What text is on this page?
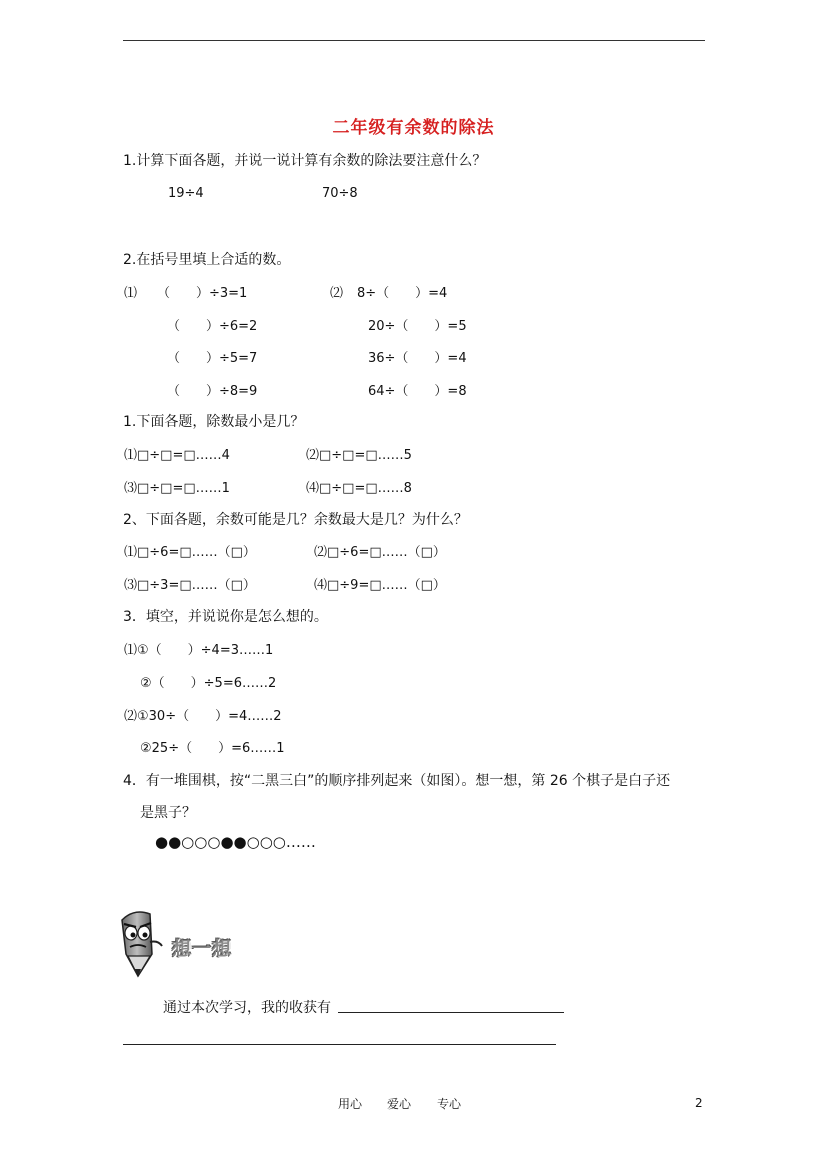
二年级有余数的除法
1.计算下面各题，并说一说计算有余数的除法要注意什么？
19÷4	70÷8
2.在括号里填上合适的数。
⑴ （　　）÷3=1	⑵ 8÷（　　）=4
（　　）÷6=2	20÷（　　）=5
（　　）÷5=7	36÷（　　）=4
（　　）÷8=9	64÷（　　）=8
1.下面各题，除数最小是几？
⑴□÷□=□……4	⑵□÷□=□……5
⑶□÷□=□……1	⑷□÷□=□……8
2、下面各题，余数可能是几？余数最大是几？为什么？
⑴□÷6=□……（□）	⑵□÷6=□……（□）
⑶□÷3=□……（□）	⑷□÷9=□……（□）
3．填空，并说说你是怎么想的。
⑴①（　　）÷4=3……1
②（　　）÷5=6……2
⑵①30÷（　　）=4……2
②25÷（　　）=6……1
4．有一堆围棋，按“二黑三白”的顺序排列起来（如图）。想一想，第 26 个棋子是白子还
是黑子？
●●○○○●●○○○……
想一想
通过本次学习，我的收获有
用心 爱心 专心	2
